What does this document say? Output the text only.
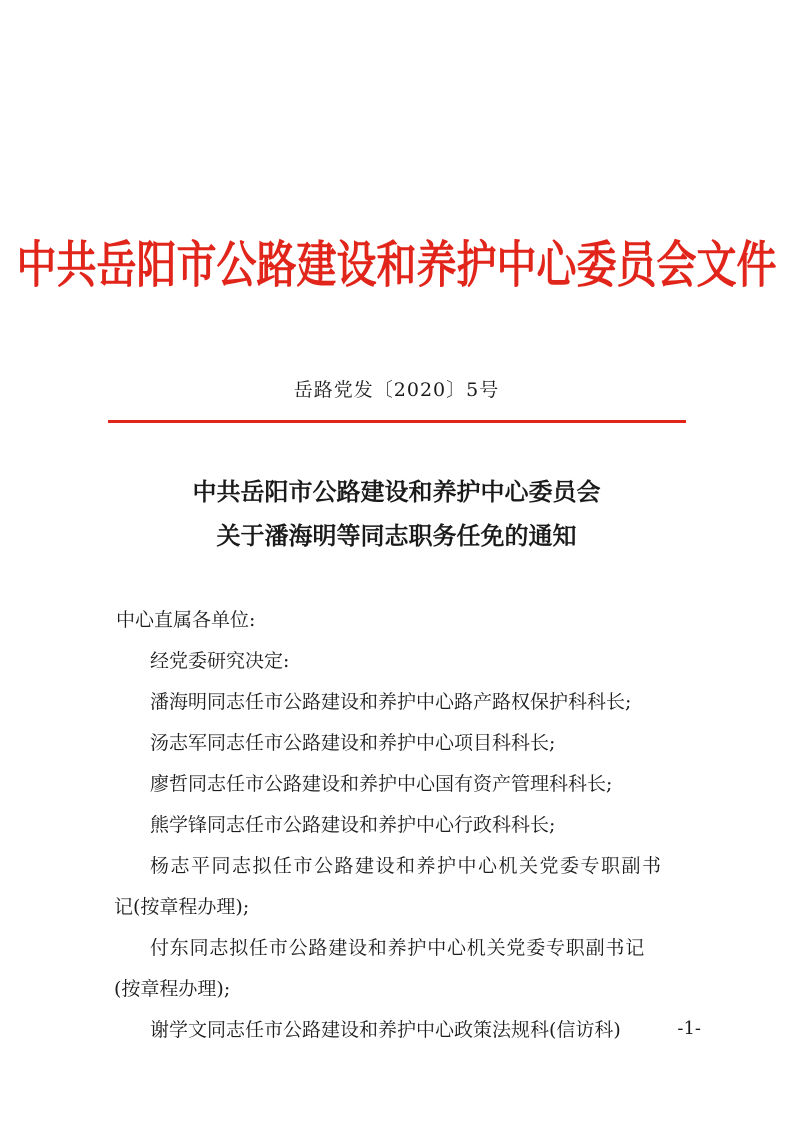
中共岳阳市公路建设和养护中心委员会文件
岳路党发〔2020〕5号
中共岳阳市公路建设和养护中心委员会
关于潘海明等同志职务任免的通知
中心直属各单位:
经党委研究决定:
潘海明同志任市公路建设和养护中心路产路权保护科科长;
汤志军同志任市公路建设和养护中心项目科科长;
廖哲同志任市公路建设和养护中心国有资产管理科科长;
熊学锋同志任市公路建设和养护中心行政科科长;
杨志平同志拟任市公路建设和养护中心机关党委专职副书
记(按章程办理);
付东同志拟任市公路建设和养护中心机关党委专职副书记
(按章程办理);
谢学文同志任市公路建设和养护中心政策法规科(信访科)	-1-
